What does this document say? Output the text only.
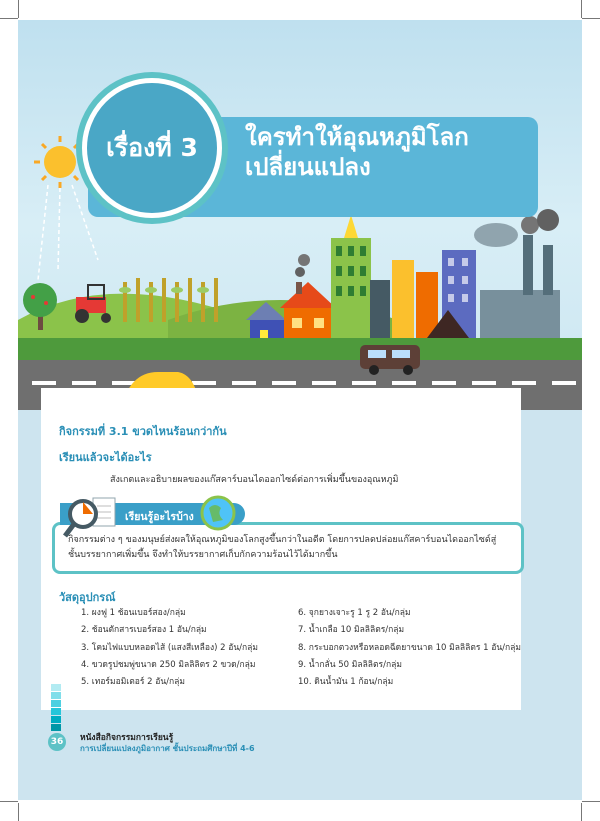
เรื่องที่ 3 ใครทำให้อุณหภูมิโลก
เปลี่ยนแปลง
กิจกรรมที่ 3.1 ขวดไหนร้อนกว่ากัน
เรียนแล้วจะได้อะไร
สังเกตและอธิบายผลของแก๊สคาร์บอนไดออกไซด์ต่อการเพิ่มขึ้นของอุณหภูมิ
เรียนรู้อะไรบ้าง
กิจกรรมต่าง ๆ ของมนุษย์ส่งผลให้อุณหภูมิของโลกสูงขึ้นกว่าในอดีต โดยการปลดปล่อยแก๊สคาร์บอนไดออกไซด์สู่ชั้นบรรยากาศเพิ่มขึ้น จึงทำให้บรรยากาศเก็บกักความร้อนไว้ได้มากขึ้น
วัสดุอุปกรณ์
1. ผงฟู 1 ช้อนเบอร์สอง/กลุ่ม
2. ช้อนตักสารเบอร์สอง 1 อัน/กลุ่ม
3. โคมไฟแบบหลอดไส้ (แสงสีเหลือง) 2 อัน/กลุ่ม
4. ขวดรูปชมพู่ขนาด 250 มิลลิลิตร 2 ขวด/กลุ่ม
5. เทอร์มอมิเตอร์ 2 อัน/กลุ่ม
6. จุกยางเจาะรู 1 รู 2 อัน/กลุ่ม
7. น้ำเกลือ 10 มิลลิลิตร/กลุ่ม
8. กระบอกตวงหรือหลอดฉีดยาขนาด 10 มิลลิลิตร 1 อัน/กลุ่ม
9. น้ำกลั่น 50 มิลลิลิตร/กลุ่ม
10. ดินน้ำมัน 1 ก้อน/กลุ่ม
36	หนังสือกิจกรรมการเรียนรู้
การเปลี่ยนแปลงภูมิอากาศ ชั้นประถมศึกษาปีที่ 4-6
